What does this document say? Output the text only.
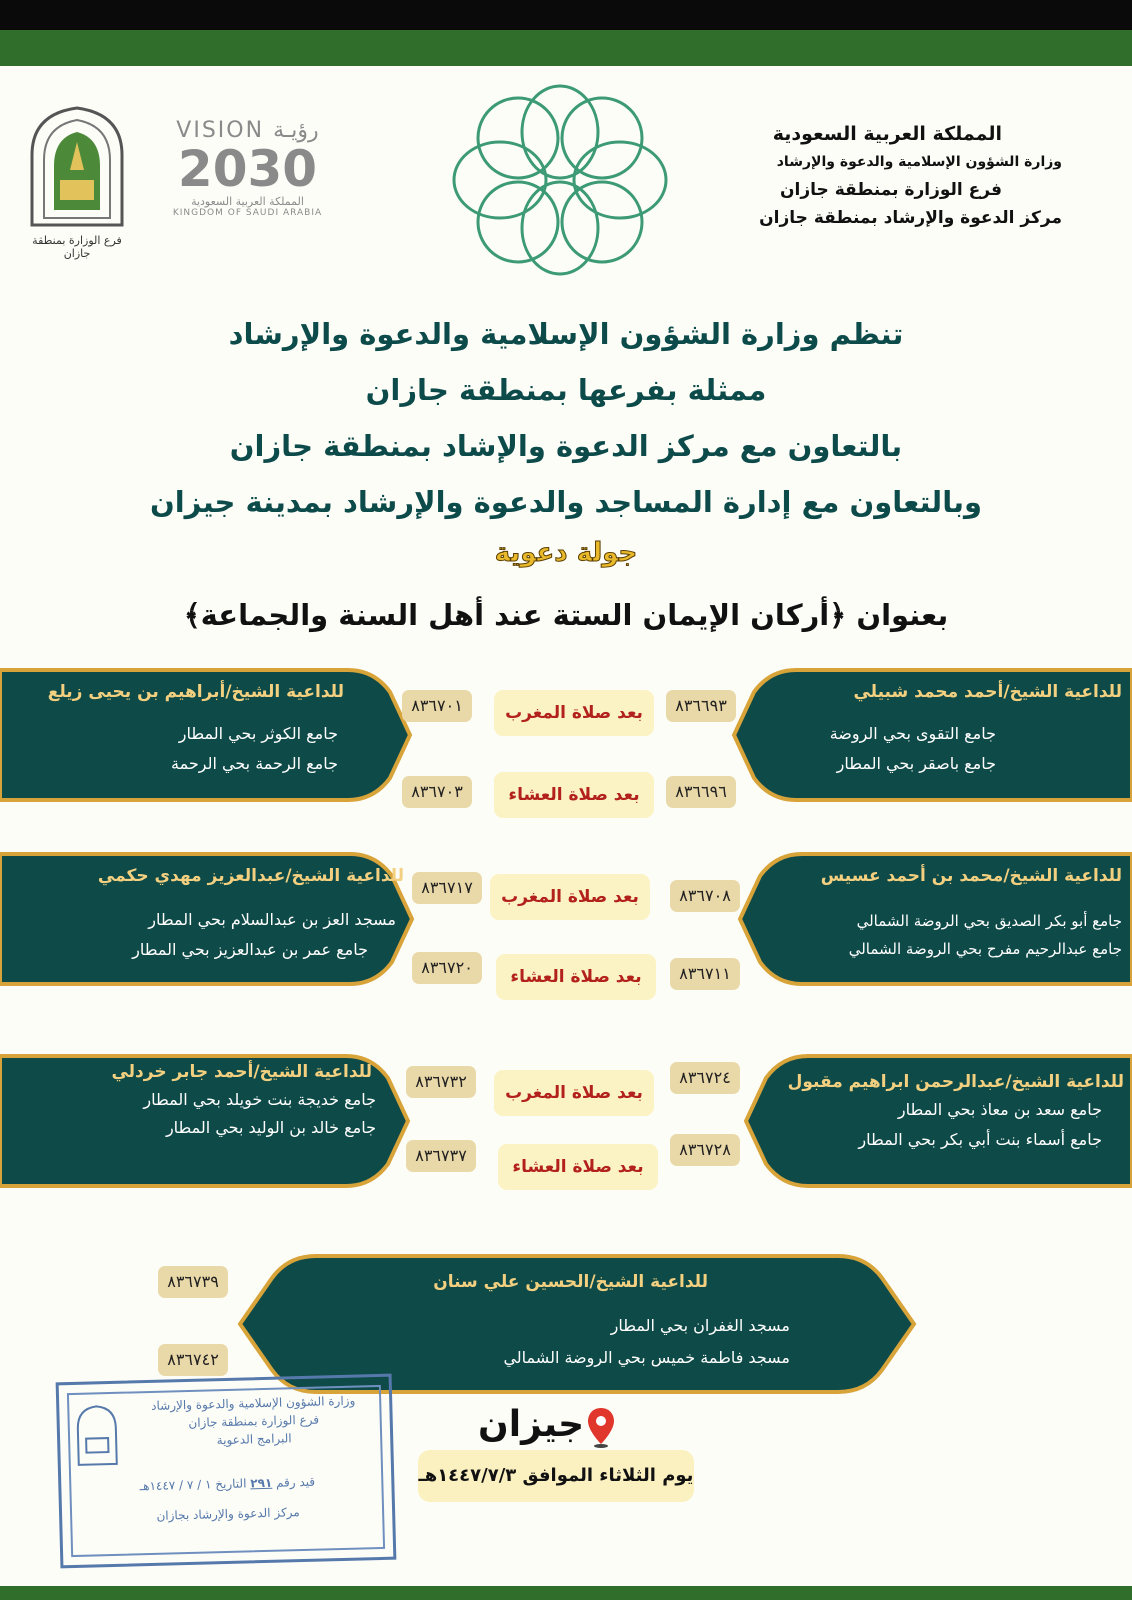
المملكة العربية السعودية
وزارة الشؤون الإسلامية والدعوة والإرشاد
فرع الوزارة بمنطقة جازان
مركز الدعوة والإرشاد بمنطقة جازان
VISION رؤيـة
2030
المملكة العربية السعودية
KINGDOM OF SAUDI ARABIA
فرع الوزارة بمنطقة جازان
تنظم وزارة الشؤون الإسلامية والدعوة والإرشاد
ممثلة بفرعها بمنطقة جازان
بالتعاون مع مركز الدعوة والإشاد بمنطقة جازان
وبالتعاون مع إدارة المساجد والدعوة والإرشاد بمدينة جيزان
جولة دعوية
بعنوان ﴿أركان الإيمان الستة عند أهل السنة والجماعة﴾
للداعية الشيخ/أحمد محمد شبيلي
جامع التقوى بحي الروضة
جامع باصقر بحي المطار
للداعية الشيخ/أبراهيم بن يحيى زيلع
جامع الكوثر بحي المطار
جامع الرحمة بحي الرحمة
٨٣٦٦٩٣
٨٣٦٦٩٦
٨٣٦٧٠١
٨٣٦٧٠٣
بعد صلاة المغرب
بعد صلاة العشاء
للداعية الشيخ/محمد بن أحمد عسيس
جامع أبو بكر الصديق بحي الروضة الشمالي
جامع عبدالرحيم مفرح بحي الروضة الشمالي
للداعية الشيخ/عبدالعزيز مهدي حكمي
مسجد العز بن عبدالسلام بحي المطار
جامع عمر بن عبدالعزيز بحي المطار
٨٣٦٧٠٨
٨٣٦٧١١
٨٣٦٧١٧
٨٣٦٧٢٠
بعد صلاة المغرب
بعد صلاة العشاء
للداعية الشيخ/عبدالرحمن ابراهيم مقبول
جامع سعد بن معاذ بحي المطار
جامع أسماء بنت أبي بكر بحي المطار
للداعية الشيخ/أحمد جابر خردلي
جامع خديجة بنت خويلد بحي المطار
جامع خالد بن الوليد بحي المطار
٨٣٦٧٢٤
٨٣٦٧٢٨
٨٣٦٧٣٢
٨٣٦٧٣٧
بعد صلاة المغرب
بعد صلاة العشاء
للداعية الشيخ/الحسين علي سنان
مسجد الغفران بحي المطار
مسجد فاطمة خميس بحي الروضة الشمالي
٨٣٦٧٣٩
٨٣٦٧٤٢
وزارة الشؤون الإسلامية والدعوة والإرشاد
فرع الوزارة بمنطقة جازان
البرامج الدعوية
قيد رقم ٢٩١ التاريخ ١ / ٧ / ١٤٤٧هـ
مركز الدعوة والإرشاد بجازان
جيزان
يوم الثلاثاء الموافق ١٤٤٧/٧/٣هـ
